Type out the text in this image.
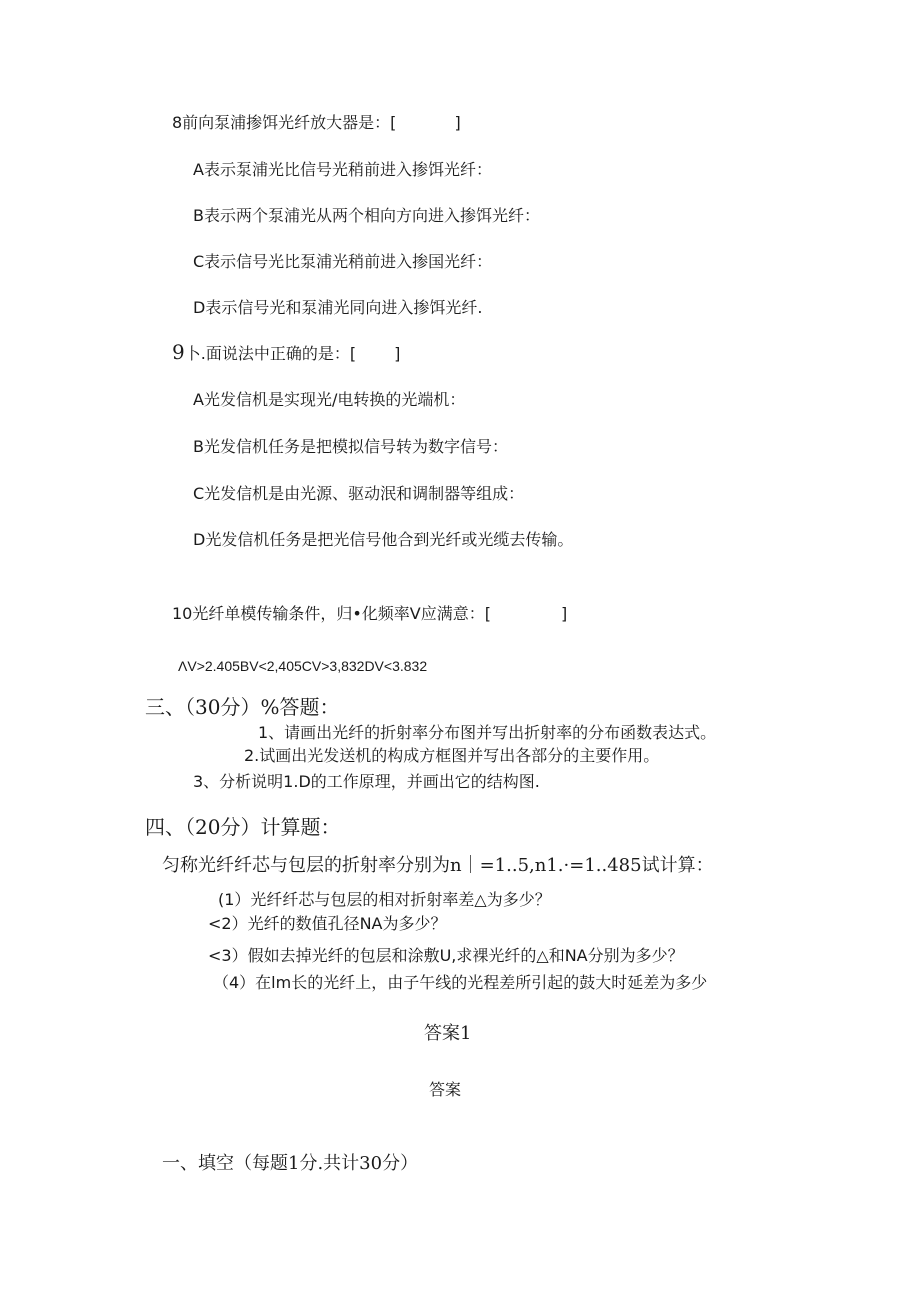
8前向泵浦掺饵光纤放大器是：[	]
A表示泵浦光比信号光稍前进入掺饵光纤：
B表示两个泵浦光从两个相向方向进入掺饵光纤：
C表示信号光比泵浦光稍前进入掺国光纤：
D表示信号光和泵浦光同向进入掺饵光纤.
9卜.面说法中正确的是：[ ]
A光发信机是实现光/电转换的光端机：
B光发信机任务是把模拟信号转为数字信号：
C光发信机是由光源、驱动泯和调制器等组成：
D光发信机任务是把光信号他合到光纤或光缆去传输。
10光纤单模传输条件，归•化频率V应满意：[	]
ΛV>2.405BV<2,405CV>3,832DV<3.832
三、（30分）%答题：
1、请画出光纤的折射率分布图并写出折射率的分布函数表达式。
2.试画出光发送机的构成方框图并写出各部分的主要作用。
3、分析说明1.D的工作原理，并画出它的结构图.
四、（20分）计算题：
匀称光纤纤芯与包层的折射率分别为n｜=1..5,n1.·=1..485试计算：
(1）光纤纤芯与包层的相对折射率差△为多少？
<2）光纤的数值孔径NA为多少？
<3）假如去掉光纤的包层和涂敷U,求裸光纤的△和NA分别为多少？
（4）在lm长的光纤上，由子午线的光程差所引起的鼓大时延差为多少
答案1
答案
一、填空（每题1分.共计30分）
